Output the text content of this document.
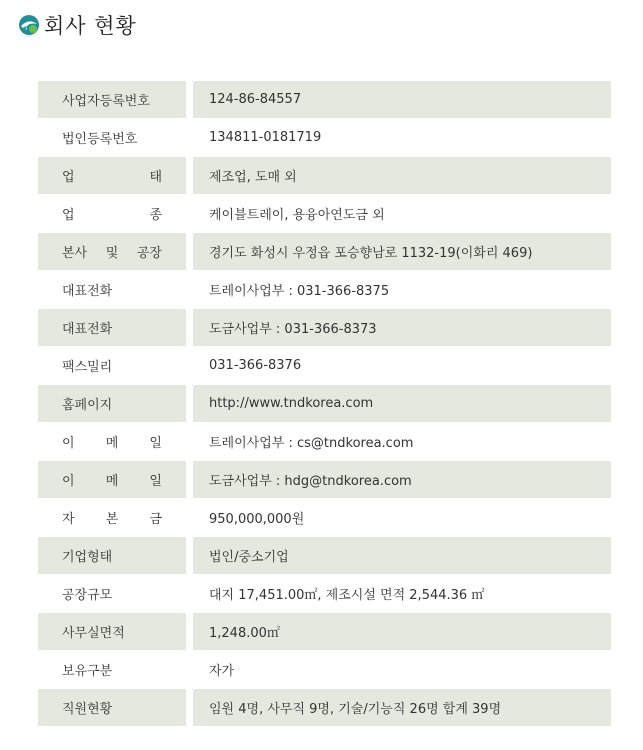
T 회사 현황
사업자등록번호	124-86-84557
법인등록번호	134811-0181719
업 태	제조업, 도매 외
업 종	케이블트레이, 용융아연도금 외
본사 및 공장	경기도 화성시 우정읍 포승향남로 1132-19(이화리 469)
대표전화	트레이사업부 : 031-366-8375
대표전화	도금사업부 : 031-366-8373
팩스밀리	031-366-8376
홈페이지	http://www.tndkorea.com
이 메 일	트레이사업부 : cs@tndkorea.com
이 메 일	도금사업부 : hdg@tndkorea.com
자 본 금	950,000,000원
기업형태	법인/중소기업
공장규모	대지 17,451.00㎡, 제조시설 면적 2,544.36 ㎡
사무실면적	1,248.00㎡
보유구분	자가
직원현황	임원 4명, 사무직 9명, 기술/기능직 26명 합계 39명
